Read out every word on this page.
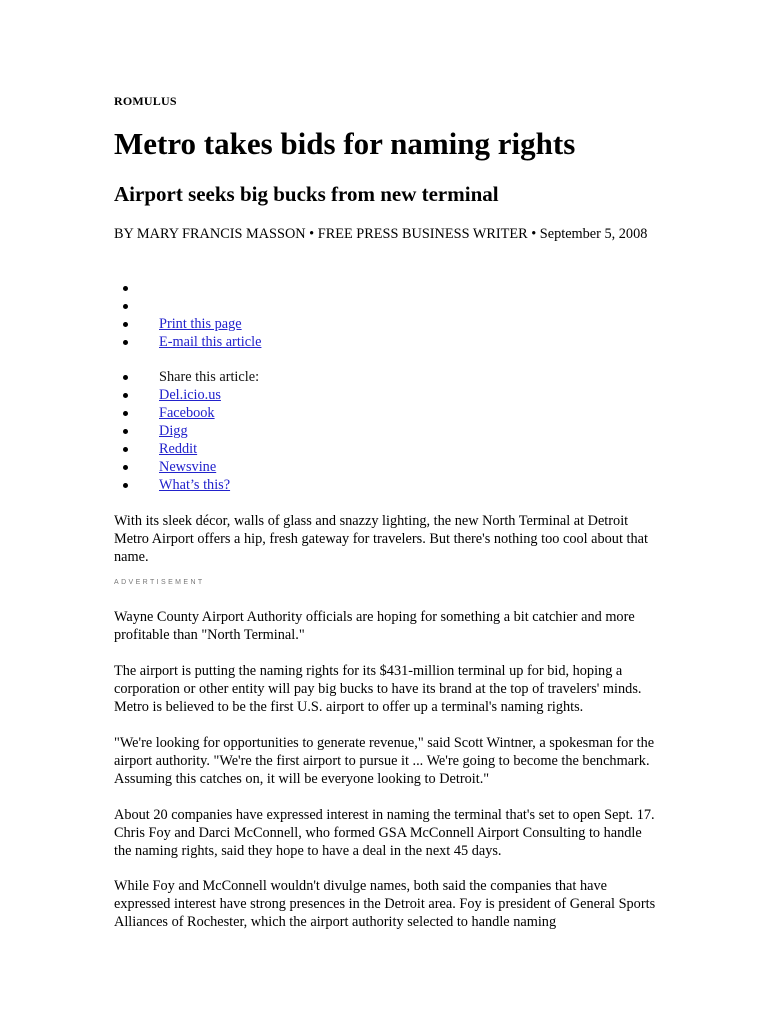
ROMULUS
Metro takes bids for naming rights
Airport seeks big bucks from new terminal
BY MARY FRANCIS MASSON • FREE PRESS BUSINESS WRITER • September 5, 2008
Print this page
E-mail this article
Share this article:
Del.icio.us
Facebook
Digg
Reddit
Newsvine
What’s this?

With its sleek décor, walls of glass and snazzy lighting, the new North Terminal at Detroit Metro Airport offers a hip, fresh gateway for travelers. But there's nothing too cool about that name.

ADVERTISEMENT

Wayne County Airport Authority officials are hoping for something a bit catchier and more profitable than "North Terminal."

The airport is putting the naming rights for its $431-million terminal up for bid, hoping a corporation or other entity will pay big bucks to have its brand at the top of travelers' minds. Metro is believed to be the first U.S. airport to offer up a terminal's naming rights.

"We're looking for opportunities to generate revenue," said Scott Wintner, a spokesman for the airport authority. "We're the first airport to pursue it ... We're going to become the benchmark. Assuming this catches on, it will be everyone looking to Detroit."

About 20 companies have expressed interest in naming the terminal that's set to open Sept. 17. Chris Foy and Darci McConnell, who formed GSA McConnell Airport Consulting to handle the naming rights, said they hope to have a deal in the next 45 days.

While Foy and McConnell wouldn't divulge names, both said the companies that have expressed interest have strong presences in the Detroit area. Foy is president of General Sports Alliances of Rochester, which the airport authority selected to handle naming
